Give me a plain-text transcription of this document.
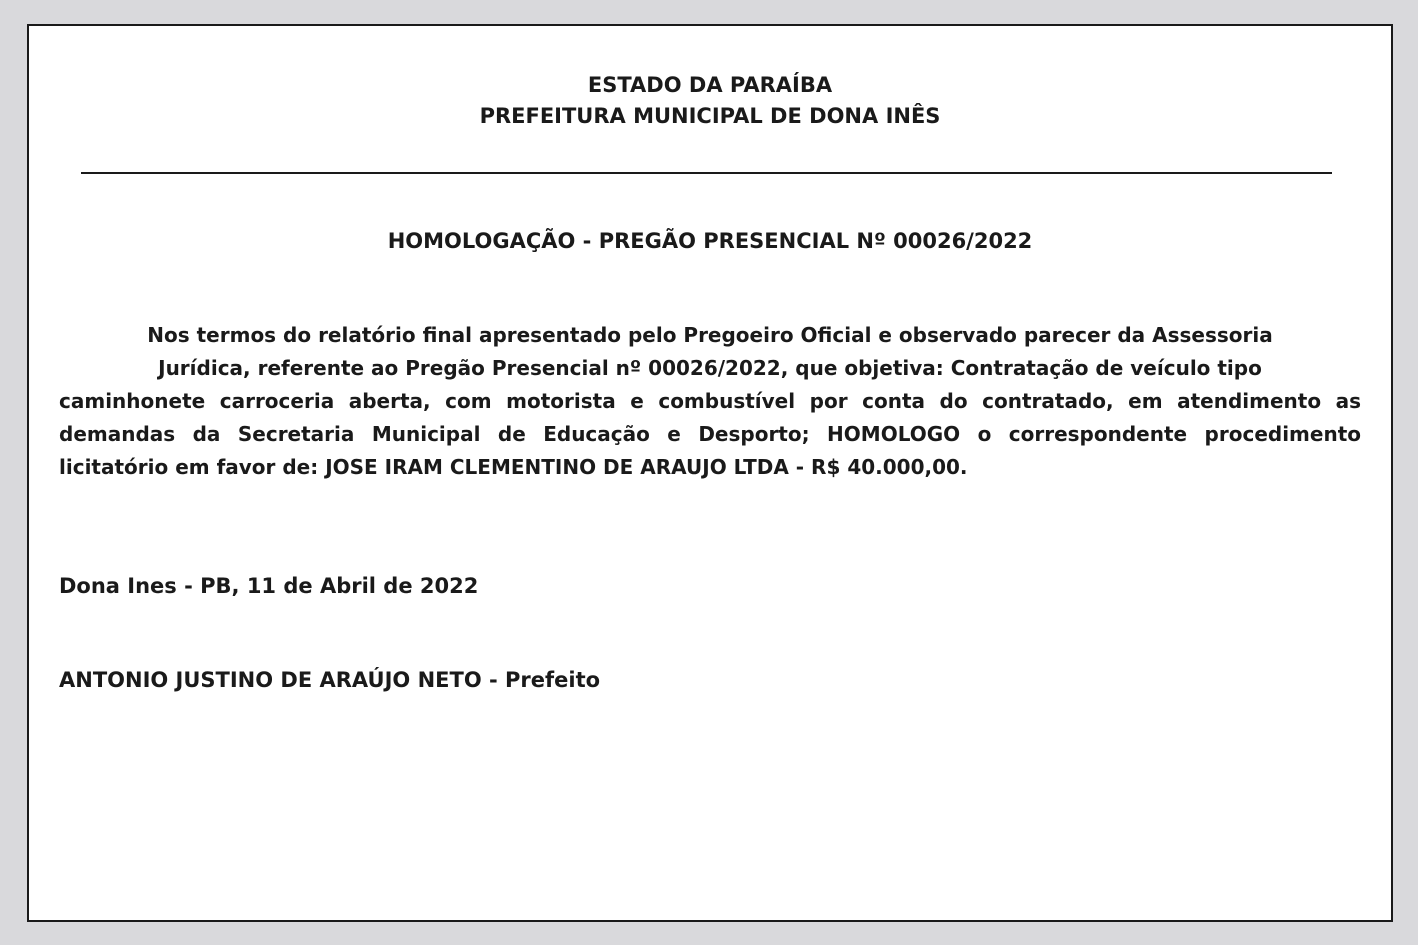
ESTADO DA PARAÍBA
PREFEITURA MUNICIPAL DE DONA INÊS
HOMOLOGAÇÃO - PREGÃO PRESENCIAL Nº 00026/2022
Nos termos do relatório final apresentado pelo Pregoeiro Oficial e observado parecer da Assessoria
Jurídica, referente ao Pregão Presencial nº 00026/2022, que objetiva: Contratação de veículo tipo
caminhonete carroceria aberta, com motorista e combustível por conta do contratado, em atendimento as demandas da Secretaria Municipal de Educação e Desporto; HOMOLOGO o correspondente procedimento licitatório em favor de: JOSE IRAM CLEMENTINO DE ARAUJO LTDA - R$ 40.000,00.
Dona Ines - PB, 11 de Abril de 2022
ANTONIO JUSTINO DE ARAÚJO NETO - Prefeito
